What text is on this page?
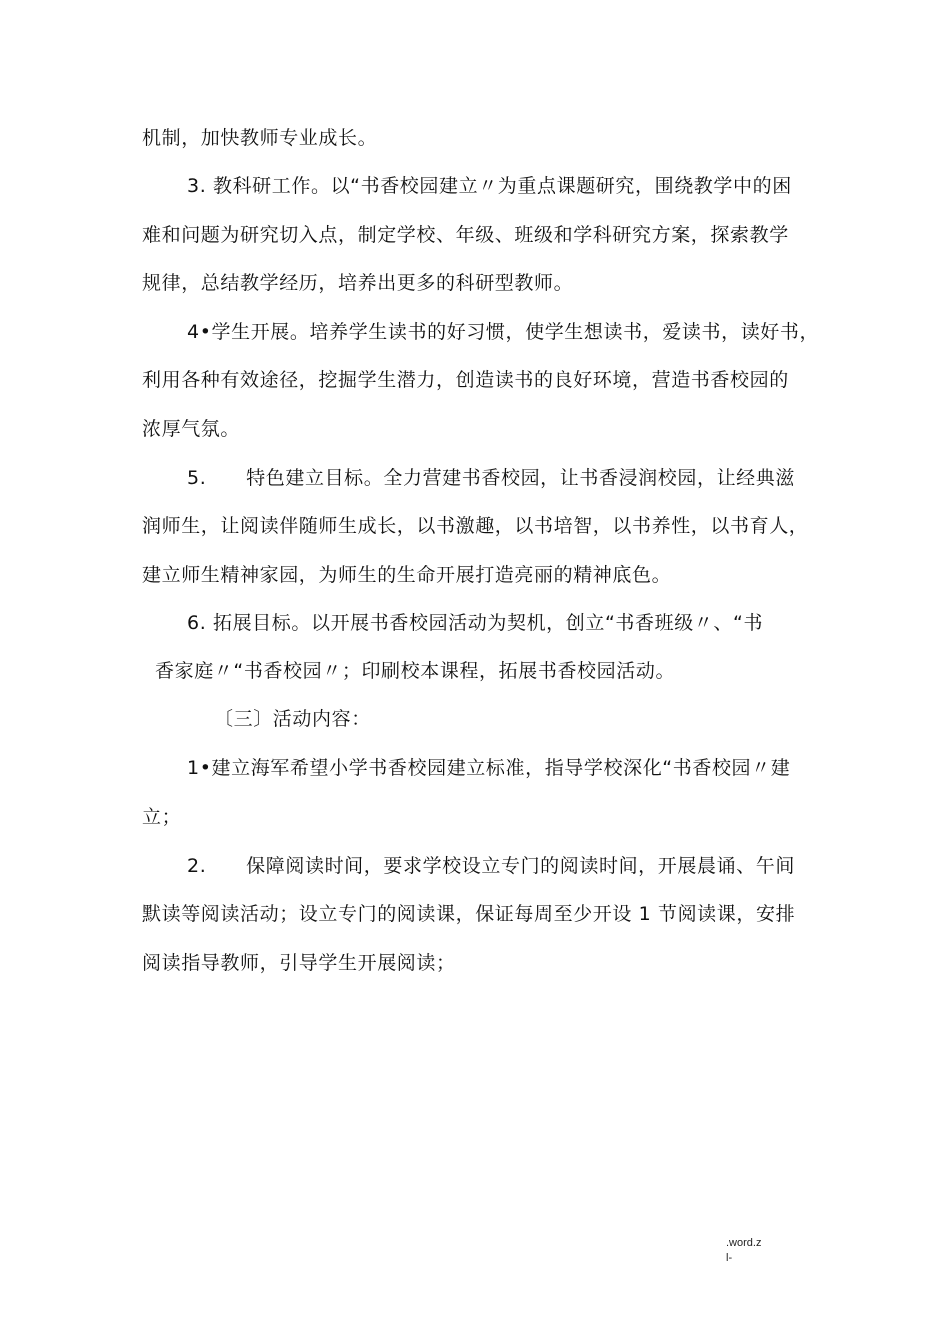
机制，加快教师专业成长。
3. 教科研工作。以“书香校园建立〃为重点课题研究，围绕教学中的困
难和问题为研究切入点，制定学校、年级、班级和学科研究方案，探索教学
规律，总结教学经历，培养出更多的科研型教师。
4•学生开展。培养学生读书的好习惯，使学生想读书，爱读书，读好书，
利用各种有效途径，挖掘学生潜力，创造读书的良好环境，营造书香校园的
浓厚气氛。
5.      特色建立目标。全力营建书香校园，让书香浸润校园，让经典滋
润师生，让阅读伴随师生成长，以书激趣，以书培智，以书养性，以书育人，
建立师生精神家园，为师生的生命开展打造亮丽的精神底色。
6. 拓展目标。以开展书香校园活动为契机，创立“书香班级〃、“书
香家庭〃“书香校园〃；印刷校本课程，拓展书香校园活动。
〔三〕活动内容：
1•建立海军希望小学书香校园建立标准，指导学校深化“书香校园〃建
立；
2.      保障阅读时间，要求学校设立专门的阅读时间，开展晨诵、午间
默读等阅读活动；设立专门的阅读课，保证每周至少开设 1 节阅读课，安排
阅读指导教师，引导学生开展阅读；
.word.z
l-
